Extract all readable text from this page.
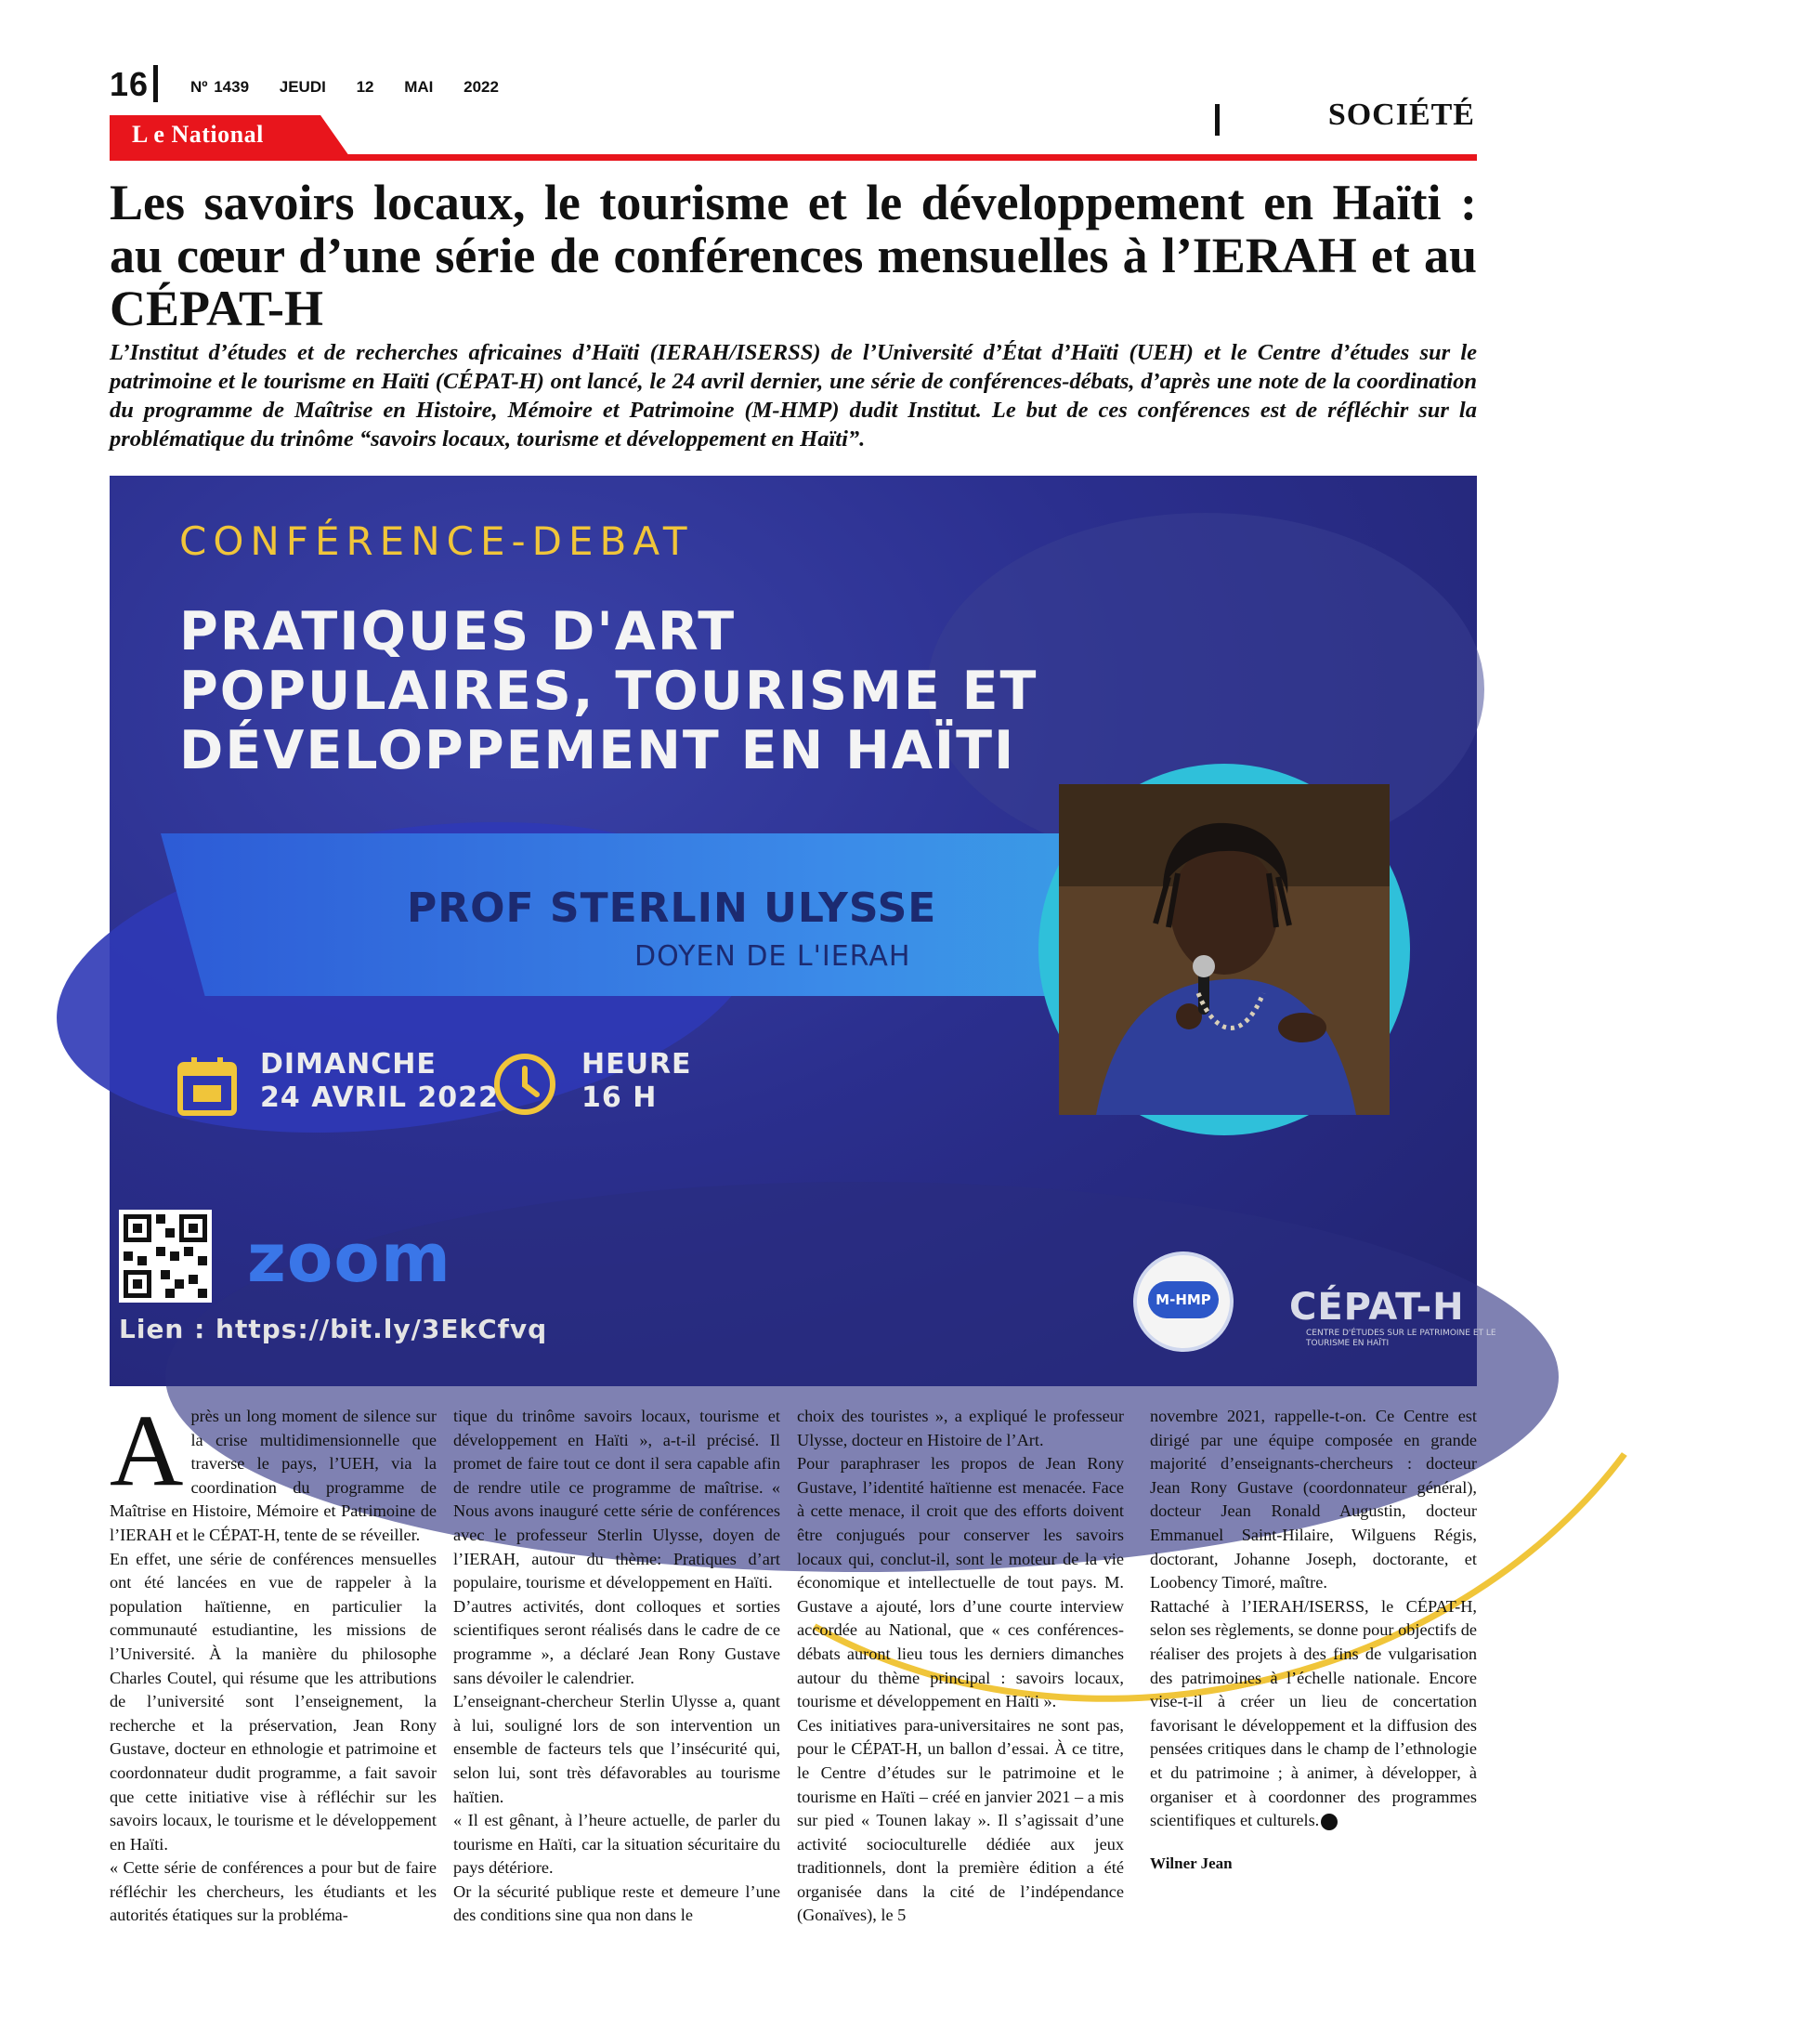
16	Nº 1439 JEUDI 12 MAI 2022
L e National
SOCIÉTÉ
Les savoirs locaux, le tourisme et le développement en Haïti : au cœur d’une série de conférences mensuelles à l’IERAH et au CÉPAT-H

L’Institut d’études et de recherches africaines d’Haïti (IERAH/ISERSS) de l’Université d’État d’Haïti (UEH) et le Centre d’études sur le patrimoine et le tourisme en Haïti (CÉPAT-H) ont lancé, le 24 avril dernier, une série de conférences-débats, d’après une note de la coordination du programme de Maîtrise en Histoire, Mémoire et Patrimoine (M-HMP) dudit Institut. Le but de ces conférences est de réfléchir sur la problématique du trinôme “savoirs locaux, tourisme et développement en Haïti”.

CONFÉRENCE-DEBAT
PRATIQUES D'ART
POPULAIRES, TOURISME ET
DÉVELOPPEMENT EN HAÏTI
PROF STERLIN ULYSSE
DOYEN DE L'IERAH
DIMANCHE
24 AVRIL 2022
HEURE
16 H
zoom
Lien : https://bit.ly/3EkCfvq
M-HMP CÉPAT-H
CENTRE D'ÉTUDES SUR LE PATRIMOINE ET LE TOURISME EN HAÏTI
A près un long moment de silence sur la crise multidimensionnelle que traverse le pays, l’UEH, via la coordination du programme de Maîtrise en Histoire, Mémoire et Patrimoine de l’IERAH et le CÉPAT-H, tente de se réveiller.

En effet, une série de conférences mensuelles ont été lancées en vue de rappeler à la population haïtienne, en particulier la communauté estudiantine, les missions de l’Université. À la manière du philosophe Charles Coutel, qui résume que les attributions de l’université sont l’enseignement, la recherche et la préservation, Jean Rony Gustave, docteur en ethnologie et patrimoine et coordonnateur dudit programme, a fait savoir que cette initiative vise à réfléchir sur les savoirs locaux, le tourisme et le développement en Haïti.

« Cette série de conférences a pour but de faire réfléchir les chercheurs, les étudiants et les autorités étatiques sur la probléma-

tique du trinôme savoirs locaux, tourisme et développement en Haïti », a-t-il précisé. Il promet de faire tout ce dont il sera capable afin de rendre utile ce programme de maîtrise. « Nous avons inauguré cette série de conférences avec le professeur Sterlin Ulysse, doyen de l’IERAH, autour du thème: Pratiques d’art populaire, tourisme et développement en Haïti.

D’autres activités, dont colloques et sorties scientifiques seront réalisés dans le cadre de ce programme », a déclaré Jean Rony Gustave sans dévoiler le calendrier.

L’enseignant-chercheur Sterlin Ulysse a, quant à lui, souligné lors de son intervention un ensemble de facteurs tels que l’insécurité qui, selon lui, sont très défavorables au tourisme haïtien.

« Il est gênant, à l’heure actuelle, de parler du tourisme en Haïti, car la situation sécuritaire du pays détériore.

Or la sécurité publique reste et demeure l’une des conditions sine qua non dans le

choix des touristes », a expliqué le professeur Ulysse, docteur en Histoire de l’Art.

Pour paraphraser les propos de Jean Rony Gustave, l’identité haïtienne est menacée. Face à cette menace, il croit que des efforts doivent être conjugués pour conserver les savoirs locaux qui, conclut-il, sont le moteur de la vie économique et intellectuelle de tout pays. M. Gustave a ajouté, lors d’une courte interview accordée au National, que « ces conférences-débats auront lieu tous les derniers dimanches autour du thème principal : savoirs locaux, tourisme et développement en Haïti ».

Ces initiatives para-universitaires ne sont pas, pour le CÉPAT-H, un ballon d’essai. À ce titre, le Centre d’études sur le patrimoine et le tourisme en Haïti – créé en janvier 2021 – a mis sur pied « Tounen lakay ». Il s’agissait d’une activité socioculturelle dédiée aux jeux traditionnels, dont la première édition a été organisée dans la cité de l’indépendance (Gonaïves), le 5

novembre 2021, rappelle-t-on. Ce Centre est dirigé par une équipe composée en grande majorité d’enseignants-chercheurs : docteur Jean Rony Gustave (coordonnateur général), docteur Jean Ronald Augustin, docteur Emmanuel Saint-Hilaire, Wilguens Régis, doctorant, Johanne Joseph, doctorante, et Loobency Timoré, maître.

Rattaché à l’IERAH/ISERSS, le CÉPAT-H, selon ses règlements, se donne pour objectifs de réaliser des projets à des fins de vulgarisation des patrimoines à l’échelle nationale. Encore vise-t-il à créer un lieu de concertation favorisant le développement et la diffusion des pensées critiques dans le champ de l’ethnologie et du patrimoine ; à animer, à développer, à organiser et à coordonner des programmes scientifiques et culturels.

Wilner Jean
